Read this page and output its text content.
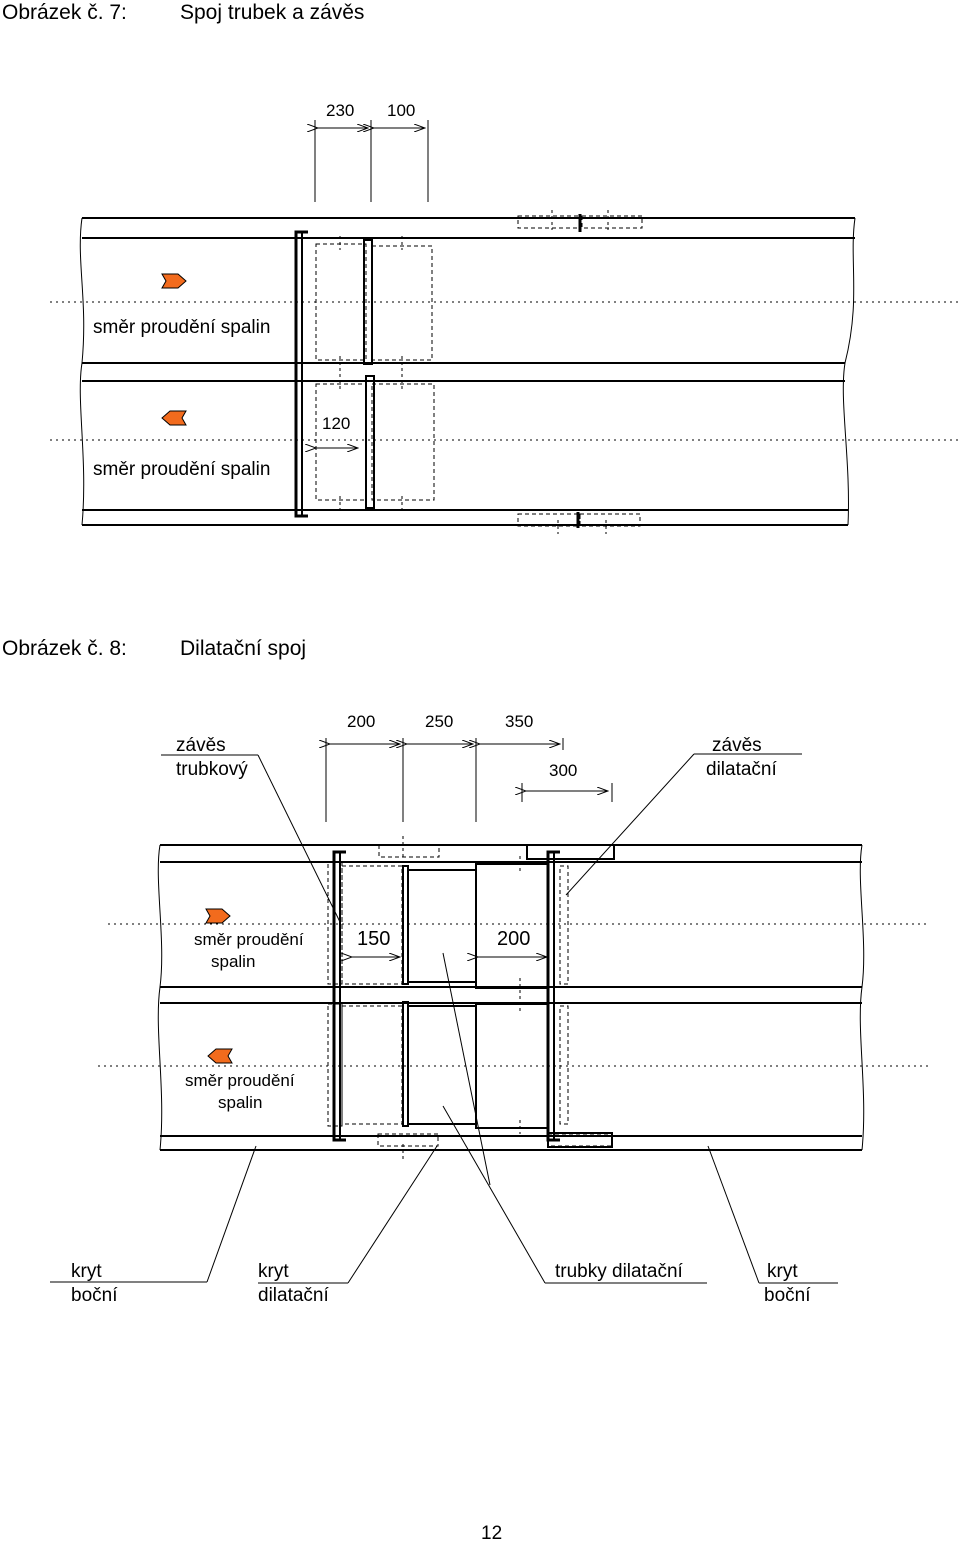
Obrázek č. 7:	Spoj trubek a závěs
230 100
120
směr proudění spalin
směr proudění spalin
Obrázek č. 8:	Dilatační spoj
200	250	350
300
150	200
závěs
trubkový
závěs
dilatační
směr proudění
spalin
směr proudění
spalin
kryt
boční
kryt
dilatační
trubky dilatační	kryt
boční
12
